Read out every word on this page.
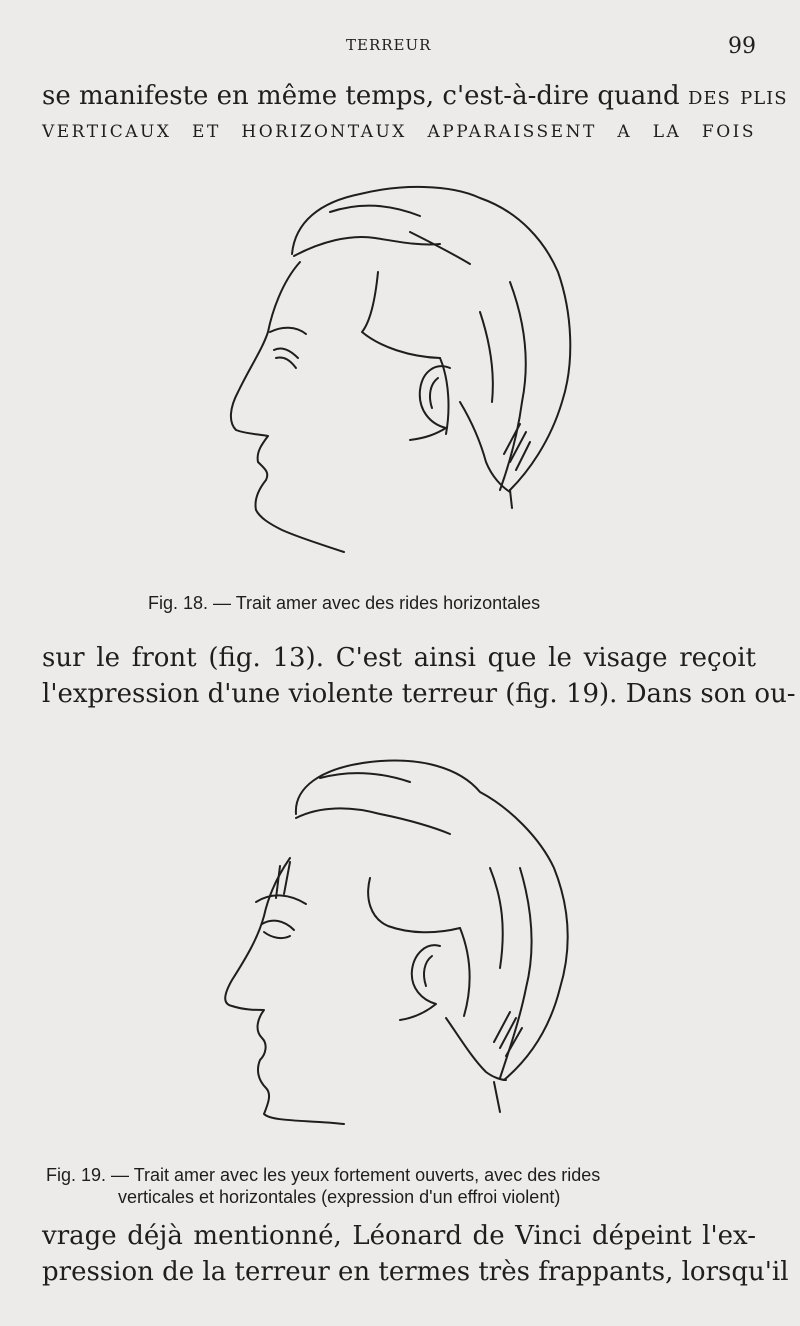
TERREUR	99
se manifeste en même temps, c'est-à-dire quand des plis
VERTICAUX ET HORIZONTAUX APPARAISSENT A LA FOIS
Fig. 18. — Trait amer avec des rides horizontales
sur le front (fig. 13). C'est ainsi que le visage reçoit
l'expression d'une violente terreur (fig. 19). Dans son ou-
Fig. 19. — Trait amer avec les yeux fortement ouverts, avec des rides
verticales et horizontales (expression d'un effroi violent)
vrage déjà mentionné, Léonard de Vinci dépeint l'ex-
pression de la terreur en termes très frappants, lorsqu'il
